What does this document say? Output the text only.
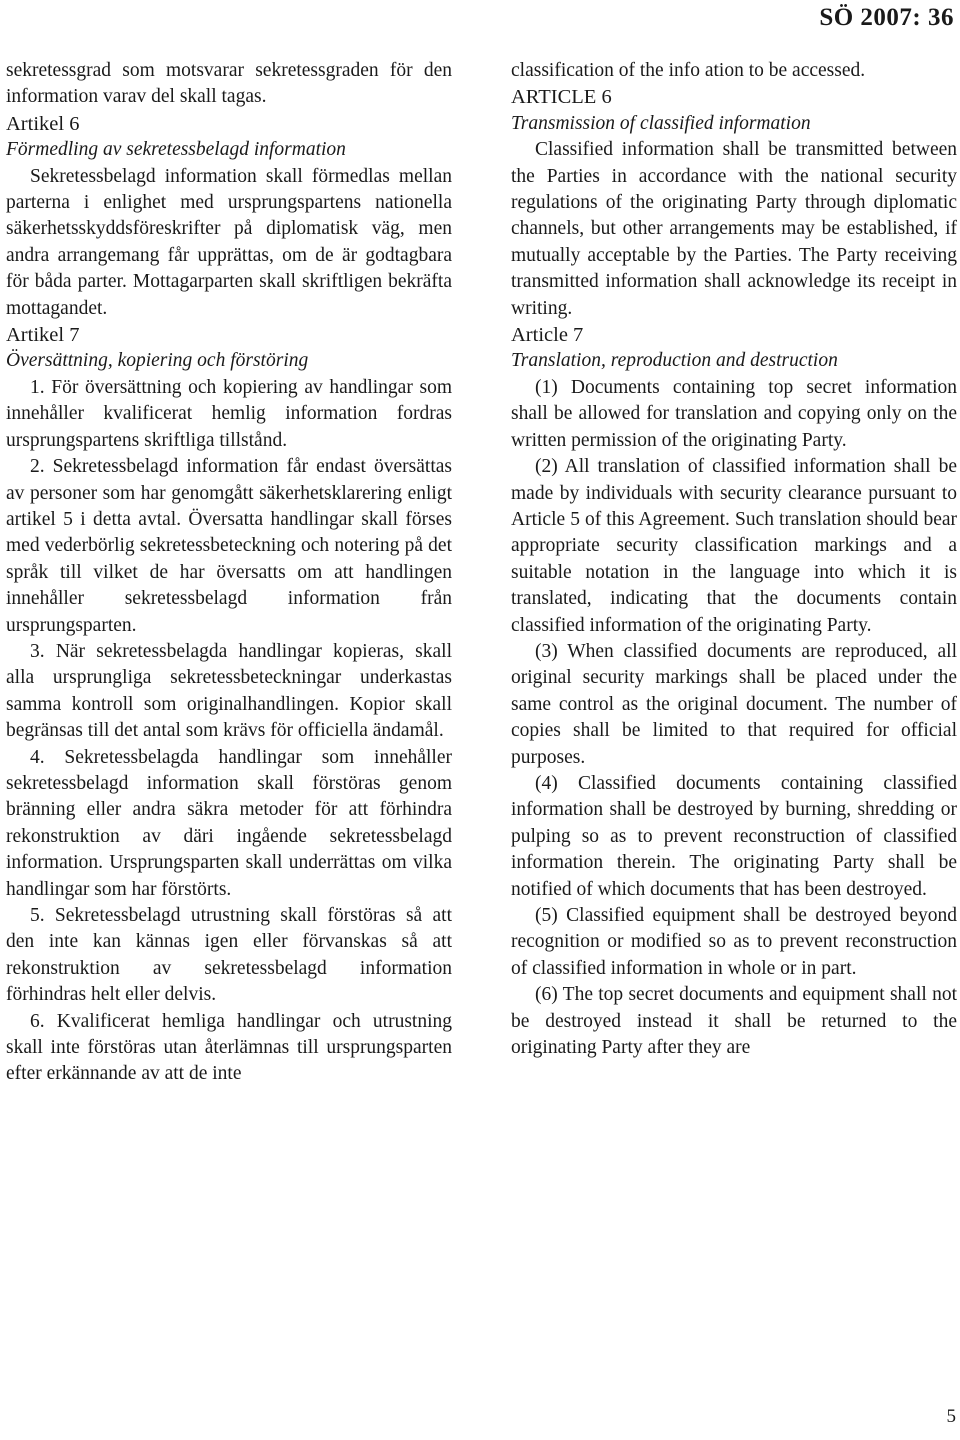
SÖ 2007: 36

sekretessgrad som motsvarar sekretessgraden för den information varav del skall tagas.

Artikel 6

Förmedling av sekretessbelagd information

Sekretessbelagd information skall förmedlas mellan parterna i enlighet med ursprungspartens nationella säkerhetsskyddsföreskrifter på diplomatisk väg, men andra arrangemang får upprättas, om de är godtagbara för båda parter. Mottagarparten skall skriftligen bekräfta mottagandet.

Artikel 7

Översättning, kopiering och förstöring

1. För översättning och kopiering av handlingar som innehåller kvalificerat hemlig information fordras ursprungspartens skriftliga tillstånd.

2. Sekretessbelagd information får endast översättas av personer som har genomgått säkerhetsklarering enligt artikel 5 i detta avtal. Översatta handlingar skall förses med vederbörlig sekretessbeteckning och notering på det språk till vilket de har översatts om att handlingen innehåller sekretessbelagd information från ursprungsparten.

3. När sekretessbelagda handlingar kopieras, skall alla ursprungliga sekretessbeteckningar underkastas samma kontroll som originalhandlingen. Kopior skall begränsas till det antal som krävs för officiella ändamål.

4. Sekretessbelagda handlingar som innehåller sekretessbelagd information skall förstöras genom bränning eller andra säkra metoder för att förhindra rekonstruktion av däri ingående sekretessbelagd information. Ursprungsparten skall underrättas om vilka handlingar som har förstörts.

5. Sekretessbelagd utrustning skall förstöras så att den inte kan kännas igen eller förvanskas så att rekonstruktion av sekretessbelagd information förhindras helt eller delvis.

6. Kvalificerat hemliga handlingar och utrustning skall inte förstöras utan återlämnas till ursprungsparten efter erkännande av att de inte

classification of the info ation to be accessed.

ARTICLE 6

Transmission of classified information

Classified information shall be transmitted between the Parties in accordance with the national security regulations of the originating Party through diplomatic channels, but other arrangements may be established, if mutually acceptable by the Parties. The Party receiving transmitted information shall acknowledge its receipt in writing.

Article 7

Translation, reproduction and destruction

(1) Documents containing top secret information shall be allowed for translation and copying only on the written permission of the originating Party.

(2) All translation of classified information shall be made by individuals with security clearance pursuant to Article 5 of this Agreement. Such translation should bear appropriate security classification markings and a suitable notation in the language into which it is translated, indicating that the documents contain classified information of the originating Party.

(3) When classified documents are reproduced, all original security markings shall be placed under the same control as the original document. The number of copies shall be limited to that required for official purposes.

(4) Classified documents containing classified information shall be destroyed by burning, shredding or pulping so as to prevent reconstruction of classified information therein. The originating Party shall be notified of which documents that has been destroyed.

(5) Classified equipment shall be destroyed beyond recognition or modified so as to prevent reconstruction of classified information in whole or in part.

(6) The top secret documents and equipment shall not be destroyed instead it shall be returned to the originating Party after they are

5
